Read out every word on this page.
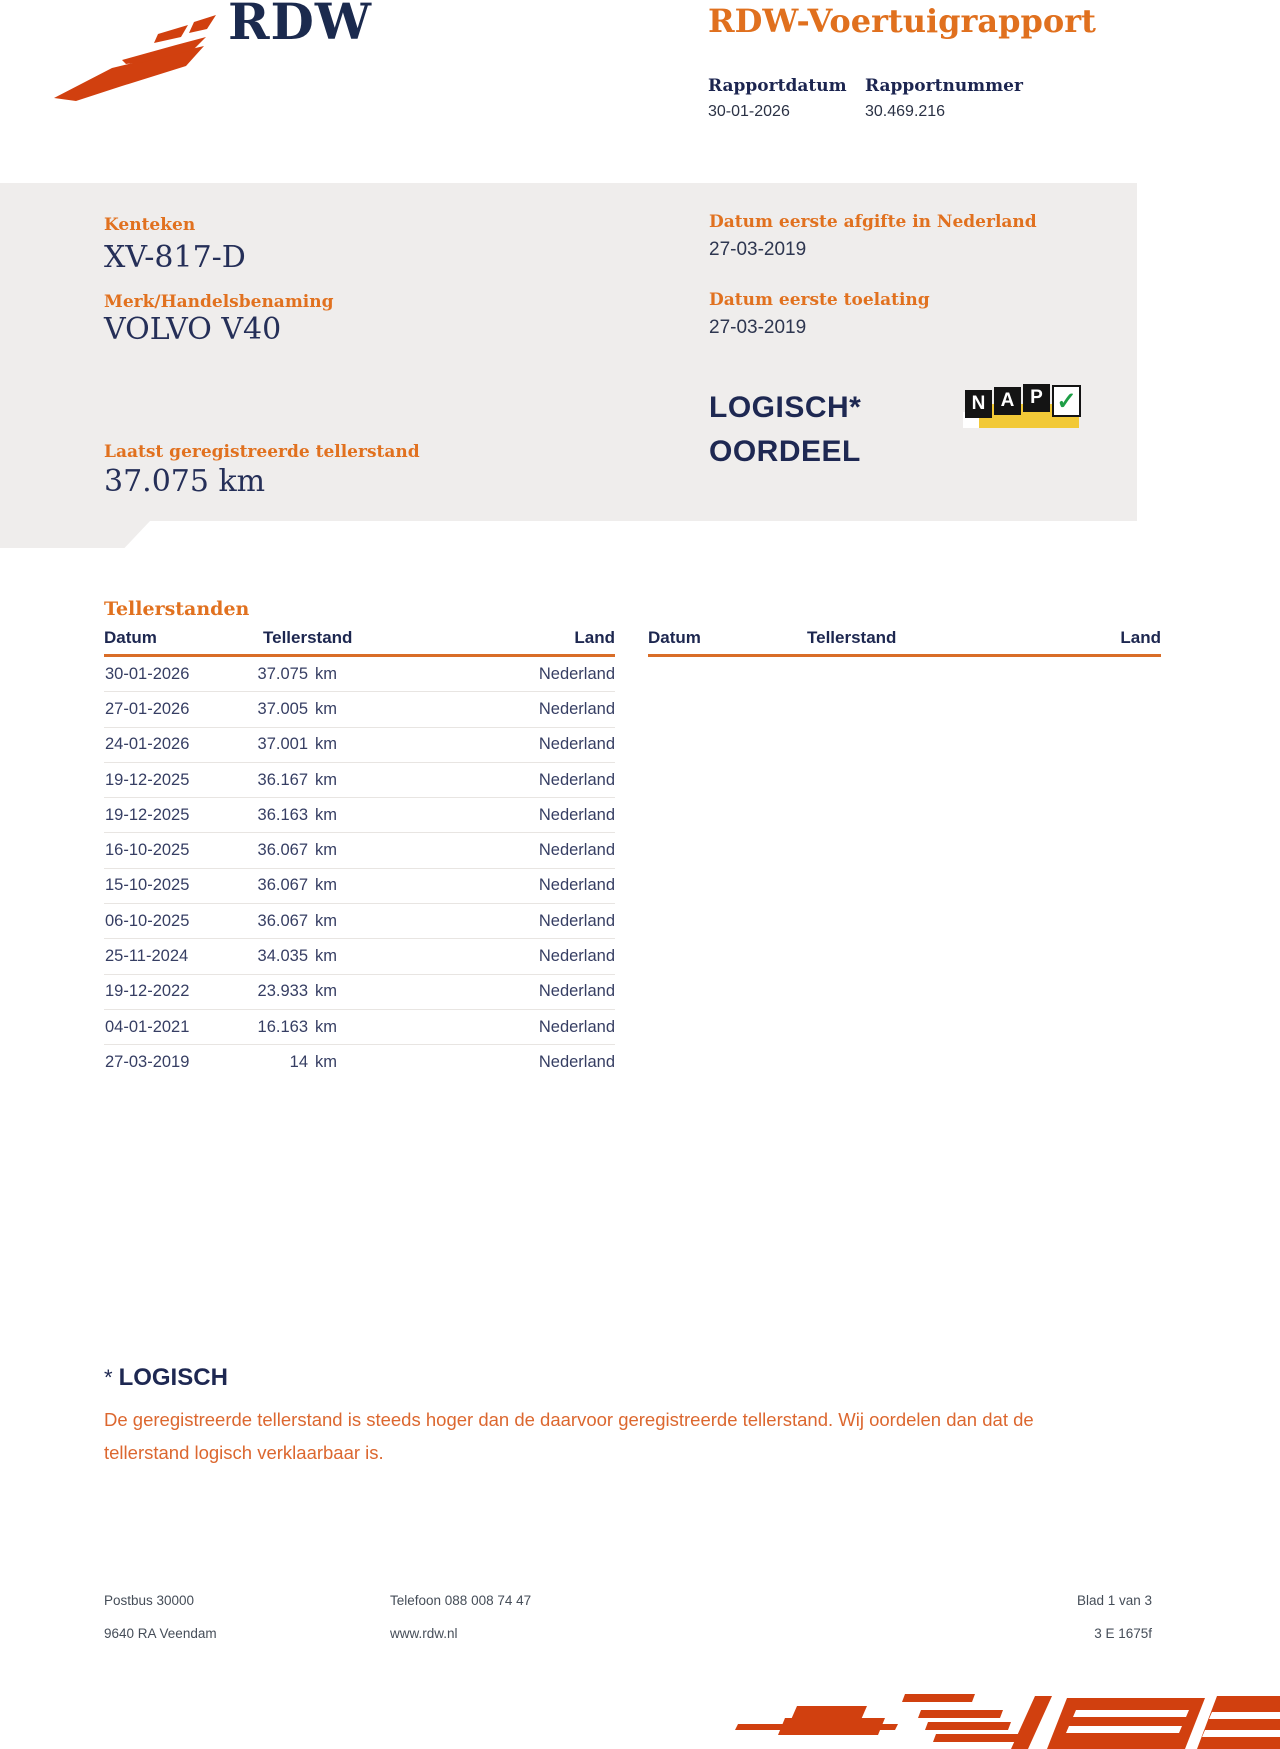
RDW	RDW-Voertuigrapport
Rapportdatum Rapportnummer
30-01-2026	30.469.216
Kenteken
XV-817-D
Merk/Handelsbenaming
VOLVO V40
Laatst geregistreerde tellerstand
37.075 km
Datum eerste afgifte in Nederland
27-03-2019
Datum eerste toelating
27-03-2019
LOGISCH*
OORDEEL
N A P ✓
Tellerstanden
Datum	Tellerstand	Land
30-01-2026	37.075 km	Nederland
27-01-2026	37.005 km	Nederland
24-01-2026	37.001 km	Nederland
19-12-2025	36.167 km	Nederland
19-12-2025	36.163 km	Nederland
16-10-2025	36.067 km	Nederland
15-10-2025	36.067 km	Nederland
06-10-2025	36.067 km	Nederland
25-11-2024	34.035 km	Nederland
19-12-2022	23.933 km	Nederland
04-01-2021	16.163 km	Nederland
27-03-2019	14 km	Nederland
Datum	Tellerstand	Land
* LOGISCH
De geregistreerde tellerstand is steeds hoger dan de daarvoor geregistreerde tellerstand. Wij oordelen dan dat de
tellerstand logisch verklaarbaar is.
Postbus 30000
9640 RA Veendam
Telefoon 088 008 74 47
www.rdw.nl
Blad 1 van 3
3 E 1675f
